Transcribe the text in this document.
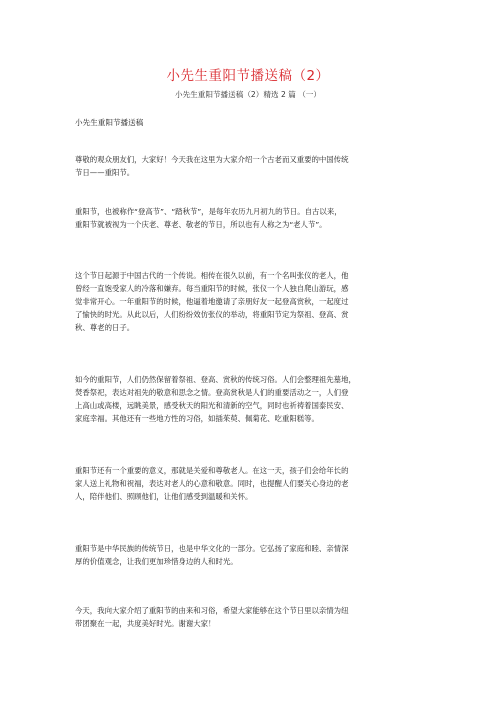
小先生重阳节播送稿（2）
小先生重阳节播送稿（2）精选 2 篇 （一）
小先生重阳节播送稿
尊敬的观众朋友们，大家好！今天我在这里为大家介绍一个古老而又重要的中国传统
节日——重阳节。
重阳节，也被称作“登高节”、“踏秋节”，是每年农历九月初九的节日。自古以来，
重阳节就被视为一个庆老、尊老、敬老的节日，所以也有人称之为“老人节”。
这个节日起源于中国古代的一个传说。相传在很久以前，有一个名叫张仪的老人，他
曾经一直饱受家人的冷落和嫌弃。每当重阳节的时候，张仪一个人独自爬山游玩，感
觉非常开心。一年重阳节的时候，他逼着地邀请了亲朋好友一起登高赏秋，一起度过
了愉快的时光。从此以后，人们纷纷效仿张仪的举动，将重阳节定为祭祖、登高、赏
秋、尊老的日子。
如今的重阳节，人们仍然保留着祭祖、登高、赏秋的传统习俗。人们会整理祖先墓地，
焚香祭祀，表达对祖先的敬意和思念之情。登高赏秋是人们的重要活动之一，人们登
上高山或高楼，远眺美景，感受秋天的阳光和清新的空气，同时也祈祷着国泰民安、
家庭幸福。其他还有一些地方性的习俗，如插茱萸、佩菊花、吃重阳糕等。
重阳节还有一个重要的意义，那就是关爱和尊敬老人。在这一天，孩子们会给年长的
家人送上礼物和祝福，表达对老人的心意和敬意。同时，也提醒人们要关心身边的老
人，陪伴他们、照顾他们，让他们感受到温暖和关怀。
重阳节是中华民族的传统节日，也是中华文化的一部分。它弘扬了家庭和睦、亲情深
厚的价值观念，让我们更加珍惜身边的人和时光。
今天，我向大家介绍了重阳节的由来和习俗，希望大家能够在这个节日里以亲情为纽
带团聚在一起，共度美好时光。谢谢大家！
